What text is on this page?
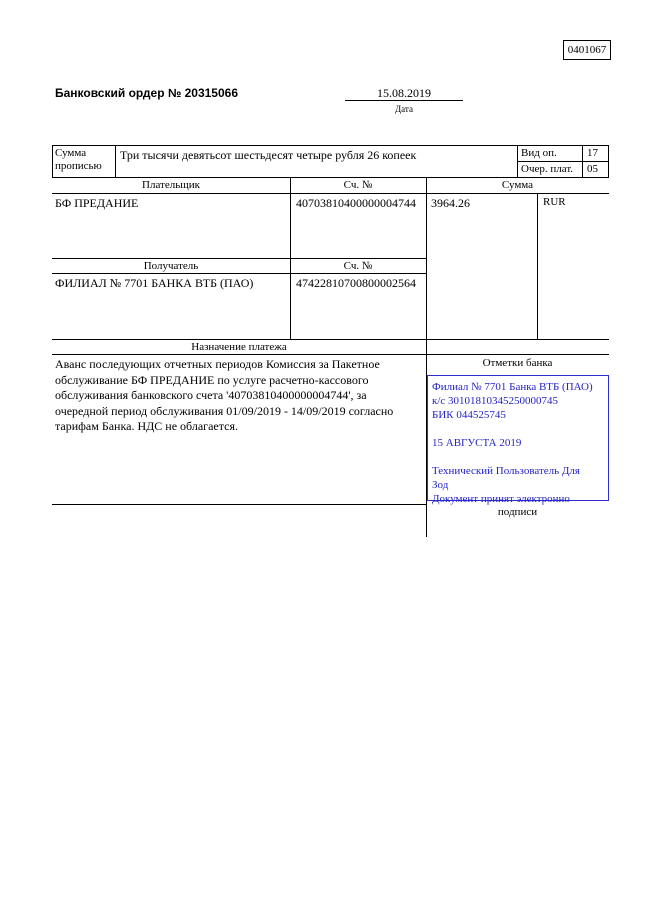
0401067
Банковский ордер № 20315066	15.08.2019
Дата
Сумма
прописью
Три тысячи девятьсот шестьдесят четыре рубля 26 копеек	Вид оп.	17
Очер. плат. 05
Плательщик	Сч. №	Сумма
БФ ПРЕДАНИЕ	40703810400000004744 3964.26	RUR
Получатель	Сч. №
ФИЛИАЛ № 7701 БАНКА ВТБ (ПАО)	47422810700800002564
Назначение платежа
Аванс последующих отчетных периодов Комиссия за Пакетное
обслуживание БФ ПРЕДАНИЕ по услуге расчетно-кассового
обслуживания банковского счета '40703810400000004744', за
очередной период обслуживания 01/09/2019 - 14/09/2019 согласно
тарифам Банка. НДС не облагается.
Отметки банка
Филиал № 7701 Банка ВТБ (ПАО)
к/с 30101810345250000745
БИК 044525745
15 АВГУСТА 2019
Технический Пользователь Для
Зод
Документ принят электронно
подписи
